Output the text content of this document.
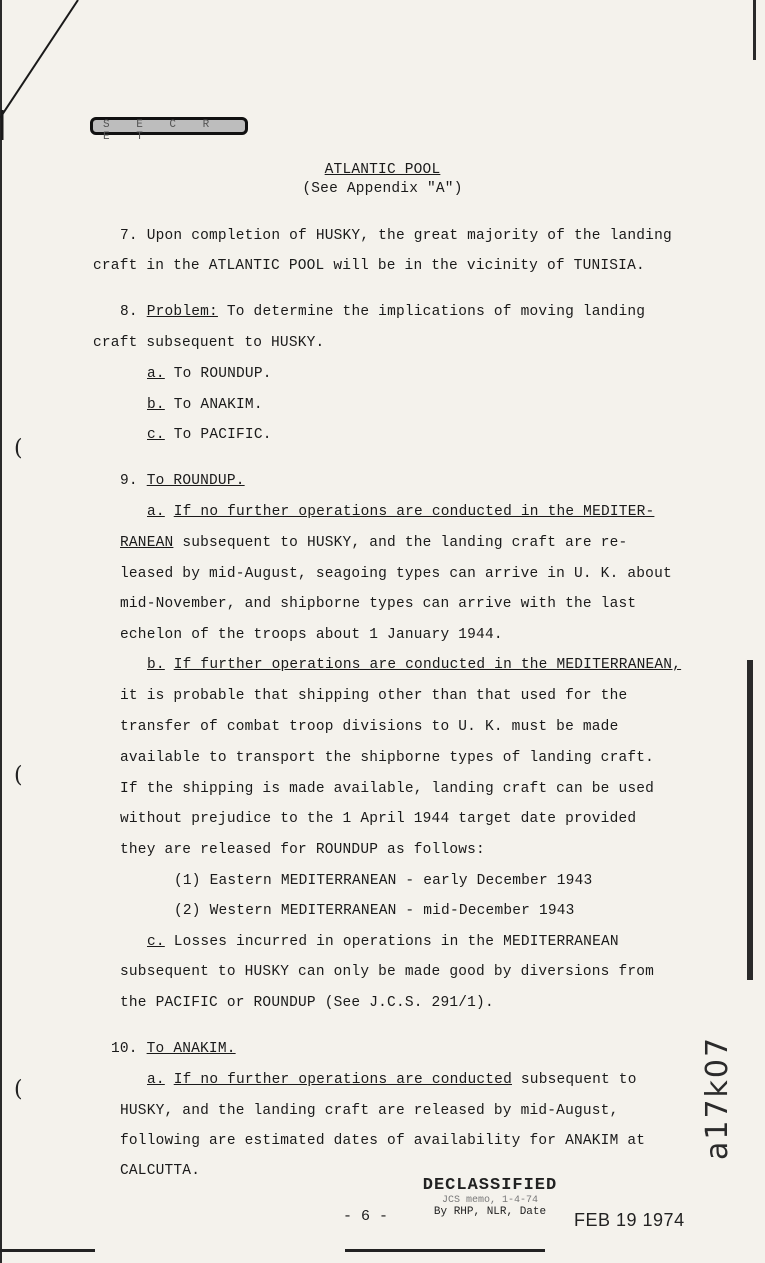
S E C R E T
ATLANTIC POOL
(See Appendix "A")
7. Upon completion of HUSKY, the great majority of the landing
craft in the ATLANTIC POOL will be in the vicinity of TUNISIA.
8. Problem: To determine the implications of moving landing
craft subsequent to HUSKY.
a. To ROUNDUP.
b. To ANAKIM.
c. To PACIFIC.
9. To ROUNDUP.
a. If no further operations are conducted in the MEDITER-
RANEAN subsequent to HUSKY, and the landing craft are re-
leased by mid-August, seagoing types can arrive in U. K. about
mid-November, and shipborne types can arrive with the last
echelon of the troops about 1 January 1944.
b. If further operations are conducted in the MEDITERRANEAN,
it is probable that shipping other than that used for the
transfer of combat troop divisions to U. K. must be made
available to transport the shipborne types of landing craft.
If the shipping is made available, landing craft can be used
without prejudice to the 1 April 1944 target date provided
they are released for ROUNDUP as follows:
(1) Eastern MEDITERRANEAN - early December 1943
(2) Western MEDITERRANEAN - mid-December 1943
c. Losses incurred in operations in the MEDITERRANEAN
subsequent to HUSKY can only be made good by diversions from
the PACIFIC or ROUNDUP (See J.C.S. 291/1).
10. To ANAKIM.
a. If no further operations are conducted subsequent to
HUSKY, and the landing craft are released by mid-August,
following are estimated dates of availability for ANAKIM at
CALCUTTA.
(
(
(	a17k07
DECLASSIFIED
JCS memo, 1-4-74
By RHP, NLR, Date
- 6 -	FEB 19 1974
